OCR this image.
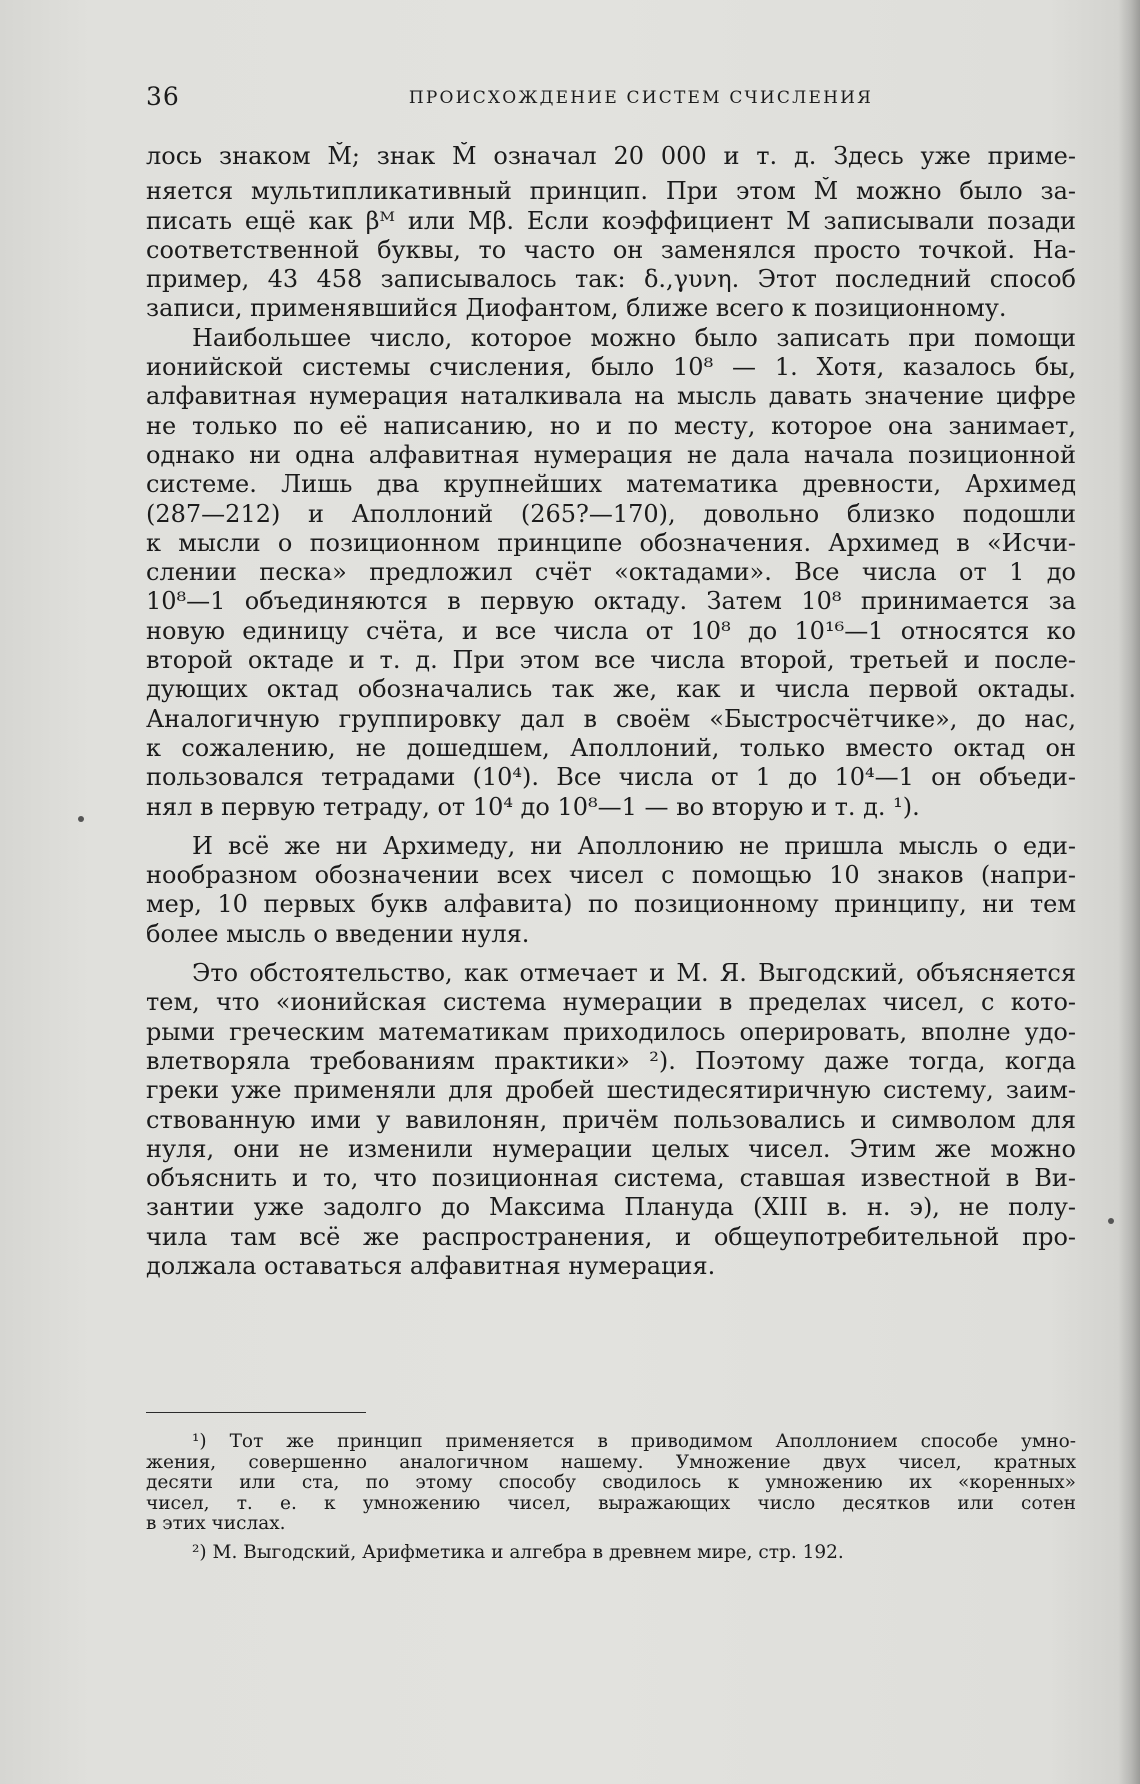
36	ПРОИСХОЖДЕНИЕ СИСТЕМ СЧИСЛЕНИЯ
лось знаком M̊; знак M̊ означал 20 000 и т. д. Здесь уже приме-
няется мультипликативный принцип. При этом M̊ можно было за-
писать ещё как βᴹ или Mβ. Если коэффициент M записывали позади
соответственной буквы, то часто он заменялся просто точкой. На-
пример, 43 458 записывалось так: δ.,γυνη. Этот последний способ
записи, применявшийся Диофантом, ближе всего к позиционному.
Наибольшее число, которое можно было записать при помощи
ионийской системы счисления, было 10⁸ — 1. Хотя, казалось бы,
алфавитная нумерация наталкивала на мысль давать значение цифре
не только по её написанию, но и по месту, которое она занимает,
однако ни одна алфавитная нумерация не дала начала позиционной
системе. Лишь два крупнейших математика древности, Архимед
(287—212) и Аполлоний (265?—170), довольно близко подошли
к мысли о позиционном принципе обозначения. Архимед в «Исчи-
слении песка» предложил счёт «октадами». Все числа от 1 до
10⁸—1 объединяются в первую октаду. Затем 10⁸ принимается за
новую единицу счёта, и все числа от 10⁸ до 10¹⁶—1 относятся ко
второй октаде и т. д. При этом все числа второй, третьей и после-
дующих октад обозначались так же, как и числа первой октады.
Аналогичную группировку дал в своём «Быстросчётчике», до нас,
к сожалению, не дошедшем, Аполлоний, только вместо октад он
пользовался тетрадами (10⁴). Все числа от 1 до 10⁴—1 он объеди-
нял в первую тетраду, от 10⁴ до 10⁸—1 — во вторую и т. д. ¹).
И всё же ни Архимеду, ни Аполлонию не пришла мысль о еди-
нообразном обозначении всех чисел с помощью 10 знаков (напри-
мер, 10 первых букв алфавита) по позиционному принципу, ни тем
более мысль о введении нуля.
Это обстоятельство, как отмечает и М. Я. Выгодский, объясняется
тем, что «ионийская система нумерации в пределах чисел, с кото-
рыми греческим математикам приходилось оперировать, вполне удо-
влетворяла требованиям практики» ²). Поэтому даже тогда, когда
греки уже применяли для дробей шестидесятиричную систему, заим-
ствованную ими у вавилонян, причём пользовались и символом для
нуля, они не изменили нумерации целых чисел. Этим же можно
объяснить и то, что позиционная система, ставшая известной в Ви-
зантии уже задолго до Максима Плануда (XIII в. н. э), не полу-
чила там всё же распространения, и общеупотребительной про-
должала оставаться алфавитная нумерация.
¹) Тот же принцип применяется в приводимом Аполлонием способе умно-
жения, совершенно аналогичном нашему. Умножение двух чисел, кратных
десяти или ста, по этому способу сводилось к умножению их «коренных»
чисел, т. е. к умножению чисел, выражающих число десятков или сотен
в этих числах.
²) М. Выгодский, Арифметика и алгебра в древнем мире, стр. 192.
